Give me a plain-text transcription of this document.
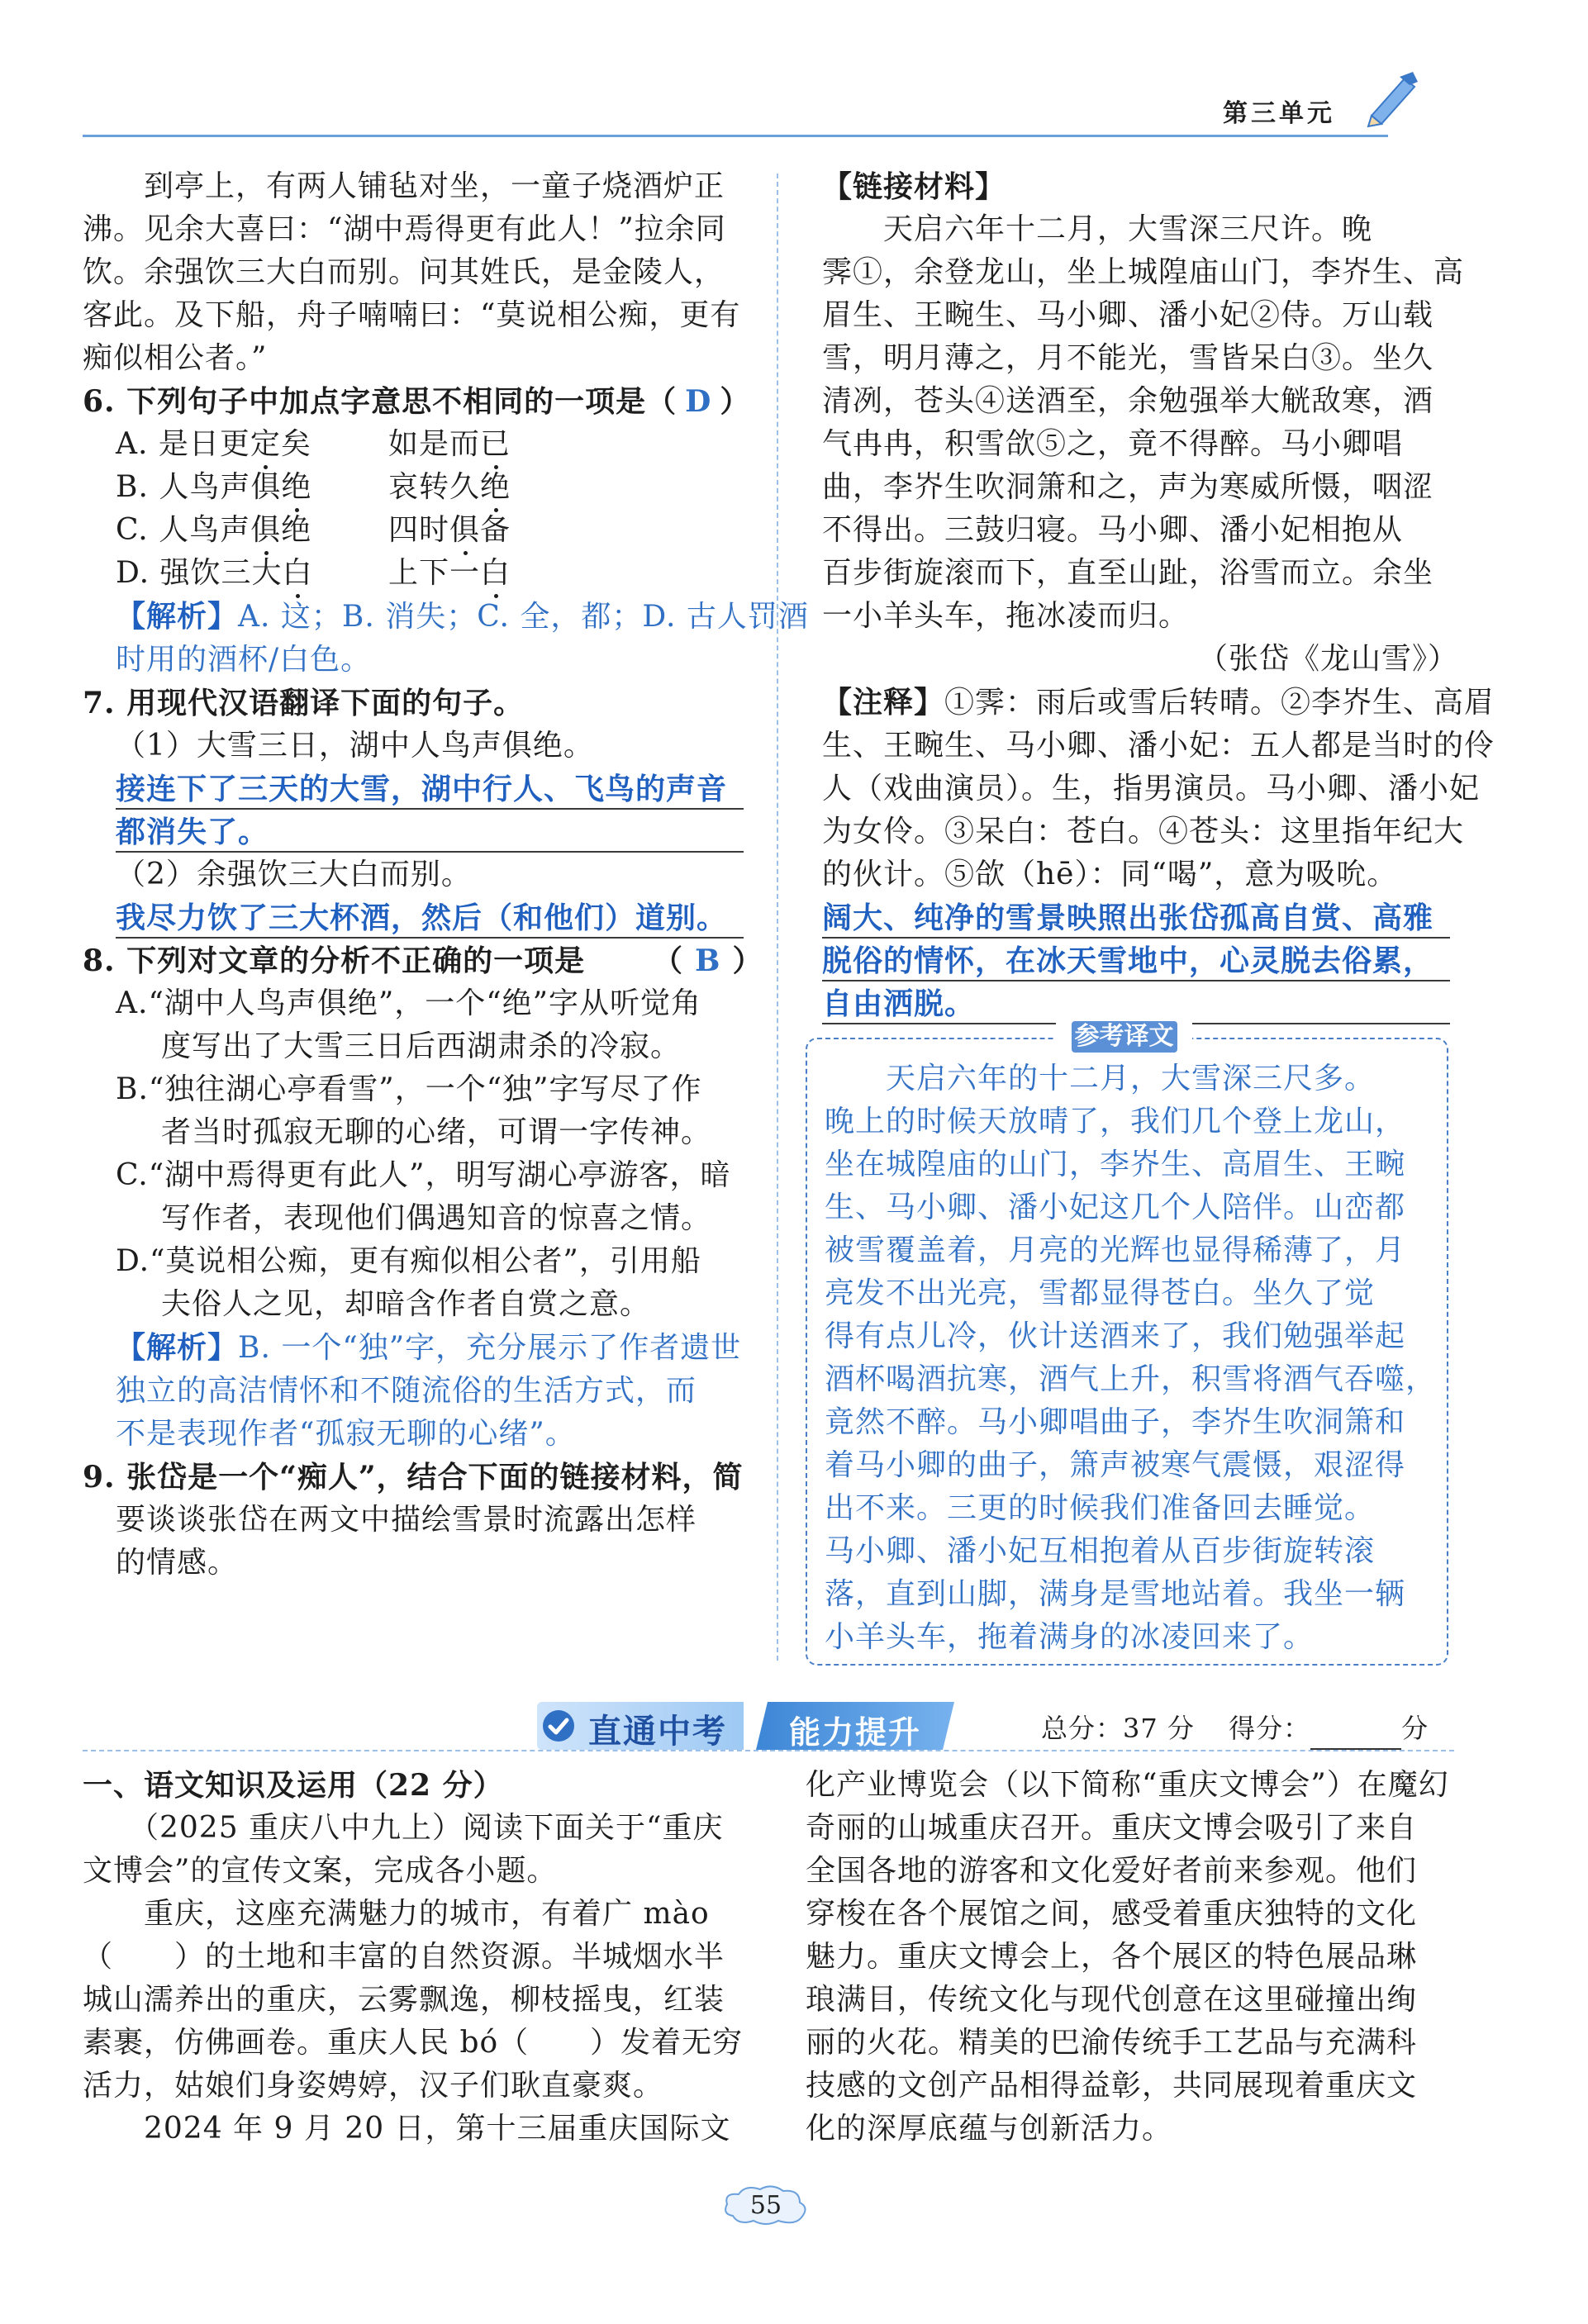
第三单元
　　到亭上，有两人铺毡对坐，一童子烧酒炉正
沸。见余大喜曰：“湖中焉得更有此人！”拉余同
饮。余强饮三大白而别。问其姓氏，是金陵人，
客此。及下船，舟子喃喃曰：“莫说相公痴，更有
痴似相公者。”
6. 下列句子中加点字意思不相同的一项是（ D ）
A. 是日更定矣	如是而已
B. 人鸟声俱绝	哀转久绝
C. 人鸟声俱绝	四时俱备
D. 强饮三大白	上下一白
【解析】A. 这；B. 消失；C. 全，都；D. 古人罚酒
时用的酒杯/白色。
7. 用现代汉语翻译下面的句子。
（1）大雪三日，湖中人鸟声俱绝。
接连下了三天的大雪，湖中行人、飞鸟的声音
都消失了。
（2）余强饮三大白而别。
我尽力饮了三大杯酒，然后（和他们）道别。
8. 下列对文章的分析不正确的一项是 （ B ）
A.“湖中人鸟声俱绝”，一个“绝”字从听觉角
度写出了大雪三日后西湖肃杀的冷寂。
B.“独往湖心亭看雪”，一个“独”字写尽了作
者当时孤寂无聊的心绪，可谓一字传神。
C.“湖中焉得更有此人”，明写湖心亭游客，暗
写作者，表现他们偶遇知音的惊喜之情。
D.“莫说相公痴，更有痴似相公者”，引用船
夫俗人之见，却暗含作者自赏之意。
【解析】B. 一个“独”字，充分展示了作者遗世
独立的高洁情怀和不随流俗的生活方式，而
不是表现作者“孤寂无聊的心绪”。
9. 张岱是一个“痴人”，结合下面的链接材料，简
要谈谈张岱在两文中描绘雪景时流露出怎样
的情感。
【链接材料】
　　天启六年十二月，大雪深三尺许。晚
霁①，余登龙山，坐上城隍庙山门，李岕生、高
眉生、王畹生、马小卿、潘小妃②侍。万山载
雪，明月薄之，月不能光，雪皆呆白③。坐久
清冽，苍头④送酒至，余勉强举大觥敌寒，酒
气冉冉，积雪欱⑤之，竟不得醉。马小卿唱
曲，李岕生吹洞箫和之，声为寒威所慑，咽涩
不得出。三鼓归寝。马小卿、潘小妃相抱从
百步街旋滚而下，直至山趾，浴雪而立。余坐
一小羊头车，拖冰凌而归。
（张岱《龙山雪》）
【注释】①霁：雨后或雪后转晴。②李岕生、高眉
生、王畹生、马小卿、潘小妃：五人都是当时的伶
人（戏曲演员）。生，指男演员。马小卿、潘小妃
为女伶。③呆白：苍白。④苍头：这里指年纪大
的伙计。⑤欱（hē）：同“喝”，意为吸吮。
阔大、纯净的雪景映照出张岱孤高自赏、高雅
脱俗的情怀，在冰天雪地中，心灵脱去俗累，
自由洒脱。
参考译文
　　天启六年的十二月，大雪深三尺多。
晚上的时候天放晴了，我们几个登上龙山，
坐在城隍庙的山门，李岕生、高眉生、王畹
生、马小卿、潘小妃这几个人陪伴。山峦都
被雪覆盖着，月亮的光辉也显得稀薄了，月
亮发不出光亮，雪都显得苍白。坐久了觉
得有点儿冷，伙计送酒来了，我们勉强举起
酒杯喝酒抗寒，酒气上升，积雪将酒气吞噬，
竟然不醉。马小卿唱曲子，李岕生吹洞箫和
着马小卿的曲子，箫声被寒气震慑，艰涩得
出不来。三更的时候我们准备回去睡觉。
马小卿、潘小妃互相抱着从百步街旋转滚
落，直到山脚，满身是雪地站着。我坐一辆
小羊头车，拖着满身的冰凌回来了。
直通中考 能力提升	总分：37 分 得分：	分
一、语文知识及运用（22 分）
　　（2025 重庆八中九上）阅读下面关于“重庆
文博会”的宣传文案，完成各小题。
　　重庆，这座充满魅力的城市，有着广 mào
（　　）的土地和丰富的自然资源。半城烟水半
城山濡养出的重庆，云雾飘逸，柳枝摇曳，红装
素裹，仿佛画卷。重庆人民 bó（　　）发着无穷
活力，姑娘们身姿娉婷，汉子们耿直豪爽。
　　2024 年 9 月 20 日，第十三届重庆国际文
化产业博览会（以下简称“重庆文博会”）在魔幻
奇丽的山城重庆召开。重庆文博会吸引了来自
全国各地的游客和文化爱好者前来参观。他们
穿梭在各个展馆之间，感受着重庆独特的文化
魅力。重庆文博会上，各个展区的特色展品琳
琅满目，传统文化与现代创意在这里碰撞出绚
丽的火花。精美的巴渝传统手工艺品与充满科
技感的文创产品相得益彰，共同展现着重庆文
化的深厚底蕴与创新活力。
55
